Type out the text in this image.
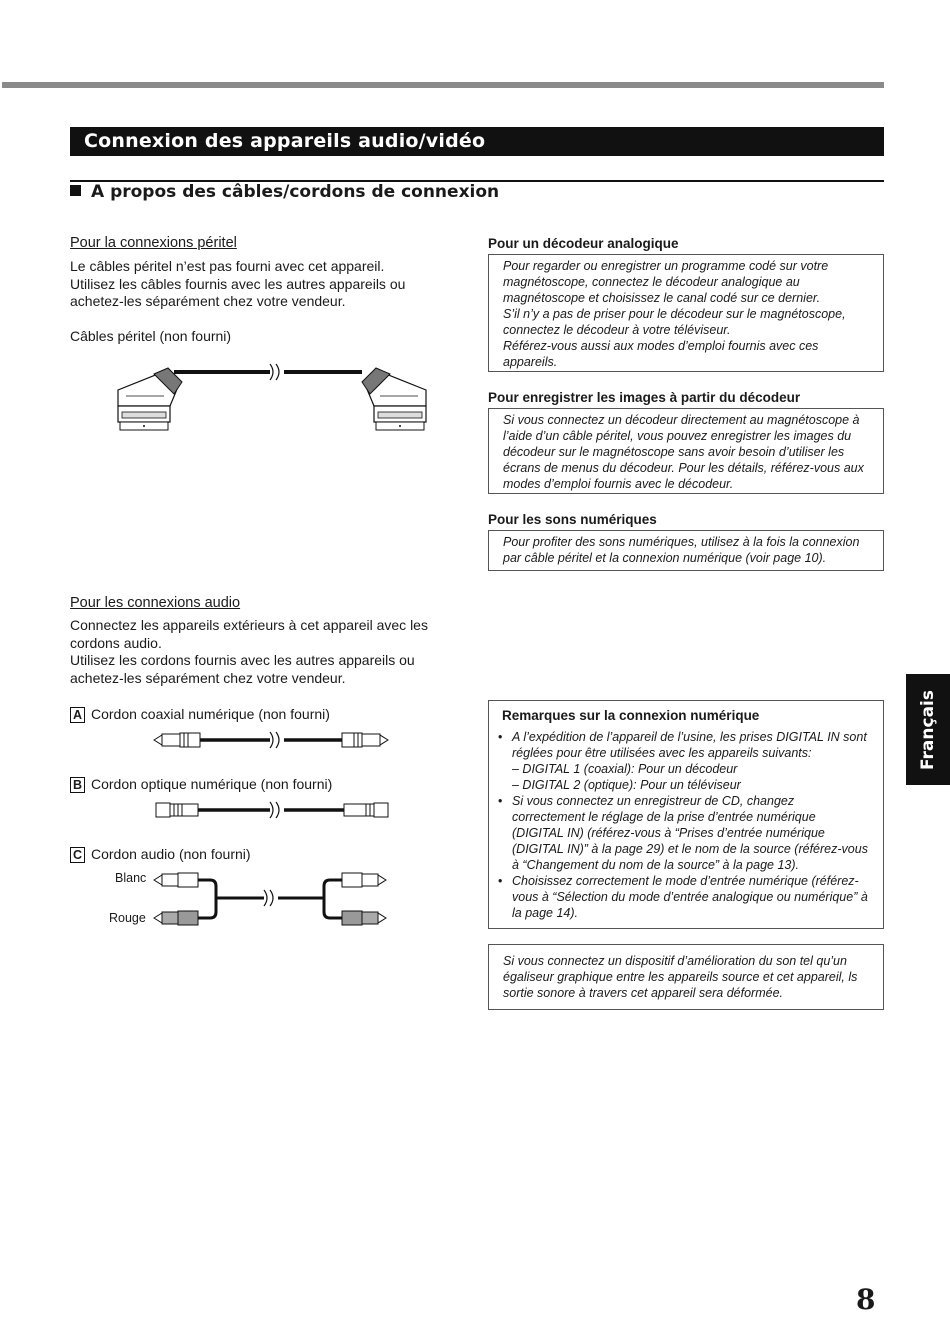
Connexion des appareils audio/vidéo
A propos des câbles/cordons de connexion
Pour la connexions péritel

Le câbles péritel n’est pas fourni avec cet appareil.

Utilisez les câbles fournis avec les autres appareils ou

achetez-les séparément chez votre vendeur.

Câbles péritel (non fourni)
Pour les connexions audio

Connectez les appareils extérieurs à cet appareil avec les

cordons audio.

Utilisez les cordons fournis avec les autres appareils ou

achetez-les séparément chez votre vendeur.

A Cordon coaxial numérique (non fourni)
B Cordon optique numérique (non fourni)
C Cordon audio (non fourni)
Blanc
Rouge
Pour un décodeur analogique

Pour regarder ou enregistrer un programme codé sur votre

magnétoscope, connectez le décodeur analogique au

magnétoscope et choisissez le canal codé sur ce dernier.

S’il n’y a pas de priser pour le décodeur sur le magnétoscope,

connectez le décodeur à votre téléviseur.

Référez-vous aussi aux modes d’emploi fournis avec ces

appareils.

Pour enregistrer les images à partir du décodeur

Si vous connectez un décodeur directement au magnétoscope à

l’aide d’un câble péritel, vous pouvez enregistrer les images du

décodeur sur le magnétoscope sans avoir besoin d’utiliser les

écrans de menus du décodeur. Pour les détails, référez-vous aux

modes d’emploi fournis avec le décodeur.

Pour les sons numériques

Pour profiter des sons numériques, utilisez à la fois la connexion

par câble péritel et la connexion numérique (voir page 10).

Remarques sur la connexion numérique
• A l’expédition de l’appareil de l’usine, les prises DIGITAL IN sont
réglées pour être utilisées avec les appareils suivants:
– DIGITAL 1 (coaxial): Pour un décodeur
– DIGITAL 2 (optique): Pour un téléviseur
• Si vous connectez un enregistreur de CD, changez
correctement le réglage de la prise d’entrée numérique
(DIGITAL IN) (référez-vous à “Prises d’entrée numérique
(DIGITAL IN)” à la page 29) et le nom de la source (référez-vous
à “Changement du nom de la source” à la page 13).
• Choisissez correctement le mode d’entrée numérique (référez-
vous à “Sélection du mode d’entrée analogique ou numérique” à
la page 14).

Si vous connectez un dispositif d’amélioration du son tel qu’un

égaliseur graphique entre les appareils source et cet appareil, ls

sortie sonore à travers cet appareil sera déformée.

Français
8
